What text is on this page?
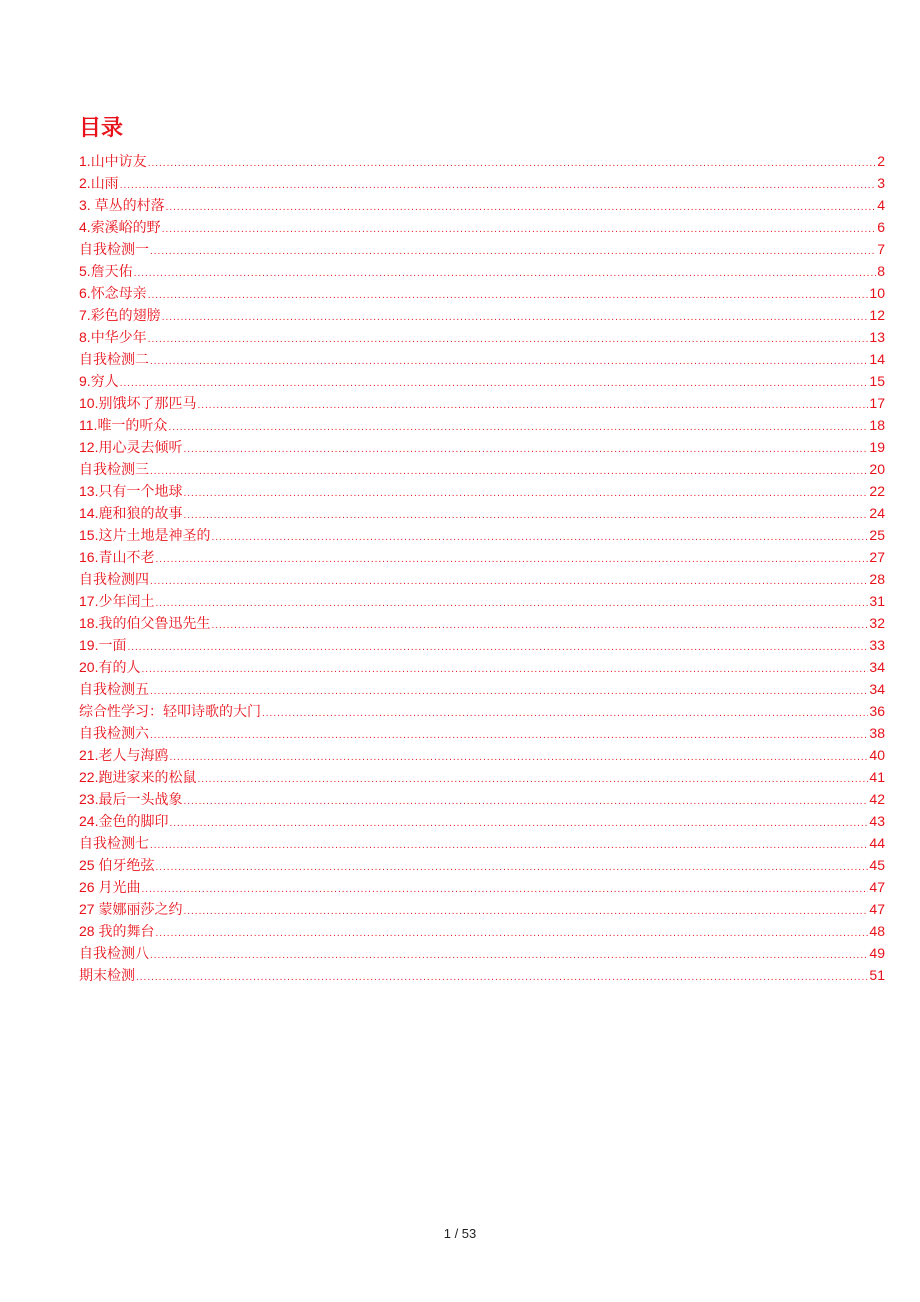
目录
1.山中访友 .....	2
2.山雨 .....	3
3. 草丛的村落 .....	4
4.索溪峪的野 .....	6
自我检测一 .....	7
5.詹天佑 .....	8
6.怀念母亲 .....	10
7.彩色的翅膀 .....	12
8.中华少年 .....	13
自我检测二 .....	14
9.穷人 .....	15
10.别饿坏了那匹马 .....	17
11.唯一的听众 .....	18
12.用心灵去倾听 .....	19
自我检测三 .....	20
13.只有一个地球 .....	22
14.鹿和狼的故事 .....	24
15.这片土地是神圣的 .....	25
16.青山不老 .....	27
自我检测四 .....	28
17.少年闰土 .....	31
18.我的伯父鲁迅先生 .....	32
19.一面 .....	33
20.有的人 .....	34
自我检测五 .....	34
综合性学习：轻叩诗歌的大门 .....	36
自我检测六 .....	38
21.老人与海鸥 .....	40
22.跑进家来的松鼠 .....	41
23.最后一头战象 .....	42
24.金色的脚印 .....	43
自我检测七 .....	44
25 伯牙绝弦 .....	45
26 月光曲 .....	47
27 蒙娜丽莎之约 .....	47
28 我的舞台 .....	48
自我检测八 .....	49
期末检测 .....	51
1 / 53
